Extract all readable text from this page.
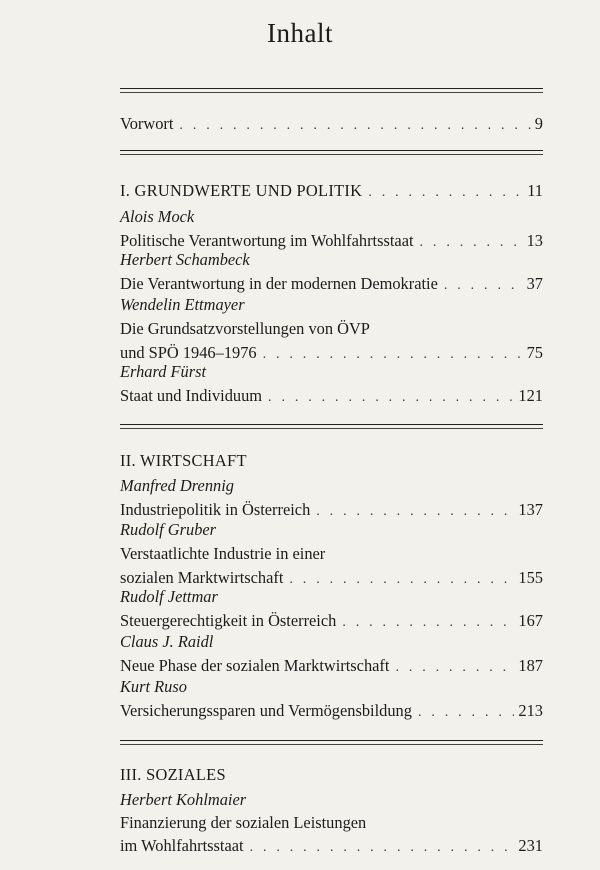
Inhalt
Vorwort . . .	9
I. GRUNDWERTE UND POLITIK . . .	11
Alois Mock
Politische Verantwortung im Wohlfahrtsstaat . . .	13
Herbert Schambeck
Die Verantwortung in der modernen Demokratie . . .	37
Wendelin Ettmayer
Die Grundsatzvorstellungen von ÖVP
und SPÖ 1946–1976 . . .	75
Erhard Fürst
Staat und Individuum . . .	121
II. WIRTSCHAFT
Manfred Drennig
Industriepolitik in Österreich . . .	137
Rudolf Gruber
Verstaatlichte Industrie in einer
sozialen Marktwirtschaft . . .	155
Rudolf Jettmar
Steuergerechtigkeit in Österreich . . .	167
Claus J. Raidl
Neue Phase der sozialen Marktwirtschaft . . .	187
Kurt Ruso
Versicherungssparen und Vermögensbildung . . .	213
III. SOZIALES
Herbert Kohlmaier
Finanzierung der sozialen Leistungen
im Wohlfahrtsstaat . . .	231
